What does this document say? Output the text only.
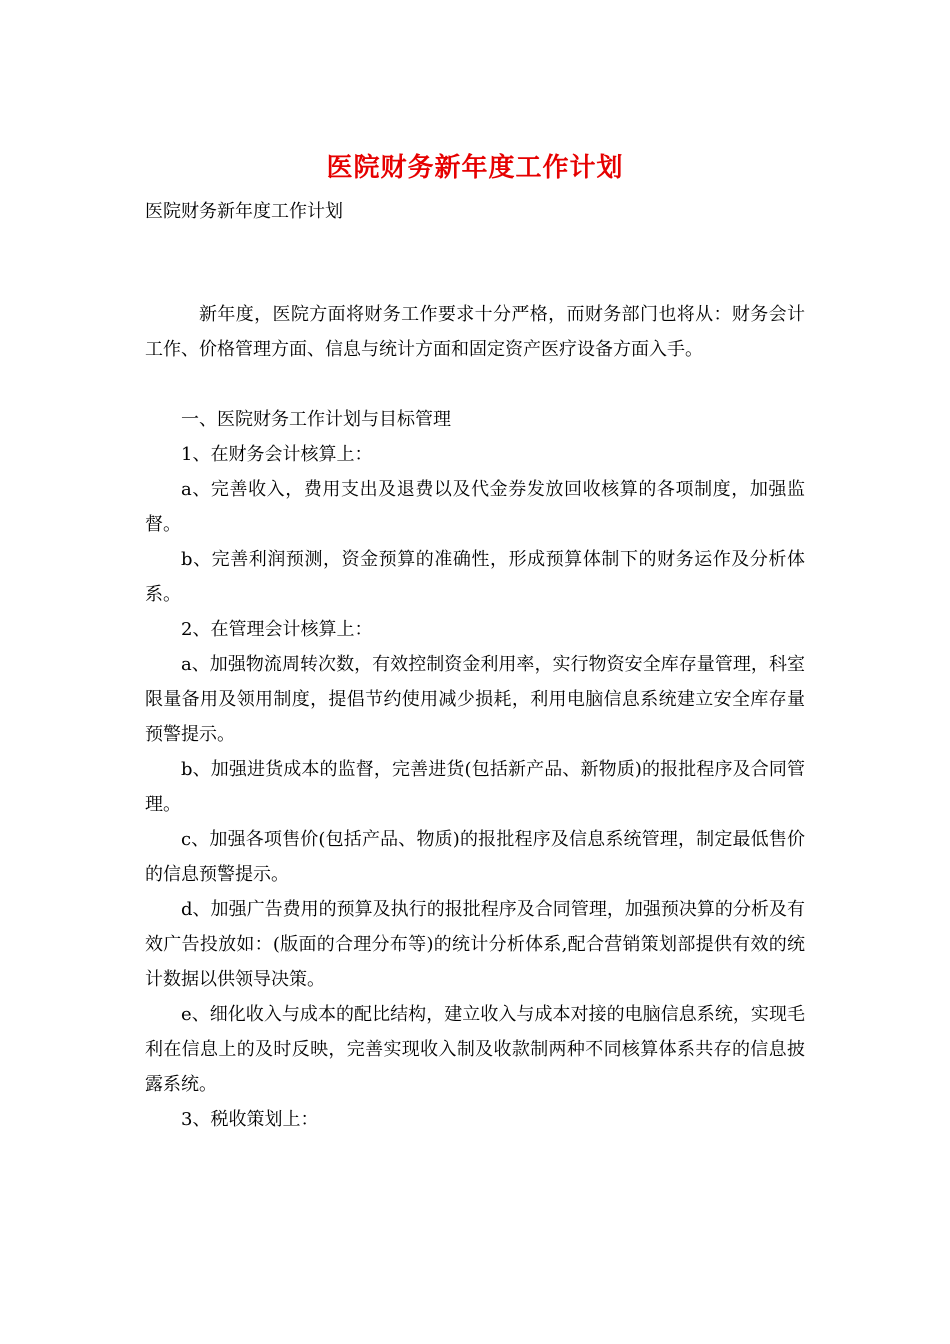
医院财务新年度工作计划
医院财务新年度工作计划

新年度，医院方面将财务工作要求十分严格，而财务部门也将从：财务会计工作、价格管理方面、信息与统计方面和固定资产医疗设备方面入手。

一、医院财务工作计划与目标管理

1、在财务会计核算上：

a、完善收入，费用支出及退费以及代金券发放回收核算的各项制度，加强监督。

b、完善利润预测，资金预算的准确性，形成预算体制下的财务运作及分析体系。

2、在管理会计核算上：

a、加强物流周转次数，有效控制资金利用率，实行物资安全库存量管理，科室限量备用及领用制度，提倡节约使用减少损耗，利用电脑信息系统建立安全库存量预警提示。

b、加强进货成本的监督，完善进货(包括新产品、新物质)的报批程序及合同管理。

c、加强各项售价(包括产品、物质)的报批程序及信息系统管理，制定最低售价的信息预警提示。

d、加强广告费用的预算及执行的报批程序及合同管理，加强预决算的分析及有效广告投放如：(版面的合理分布等)的统计分析体系,配合营销策划部提供有效的统计数据以供领导决策。

e、细化收入与成本的配比结构，建立收入与成本对接的电脑信息系统，实现毛利在信息上的及时反映，完善实现收入制及收款制两种不同核算体系共存的信息披露系统。

3、税收策划上：
